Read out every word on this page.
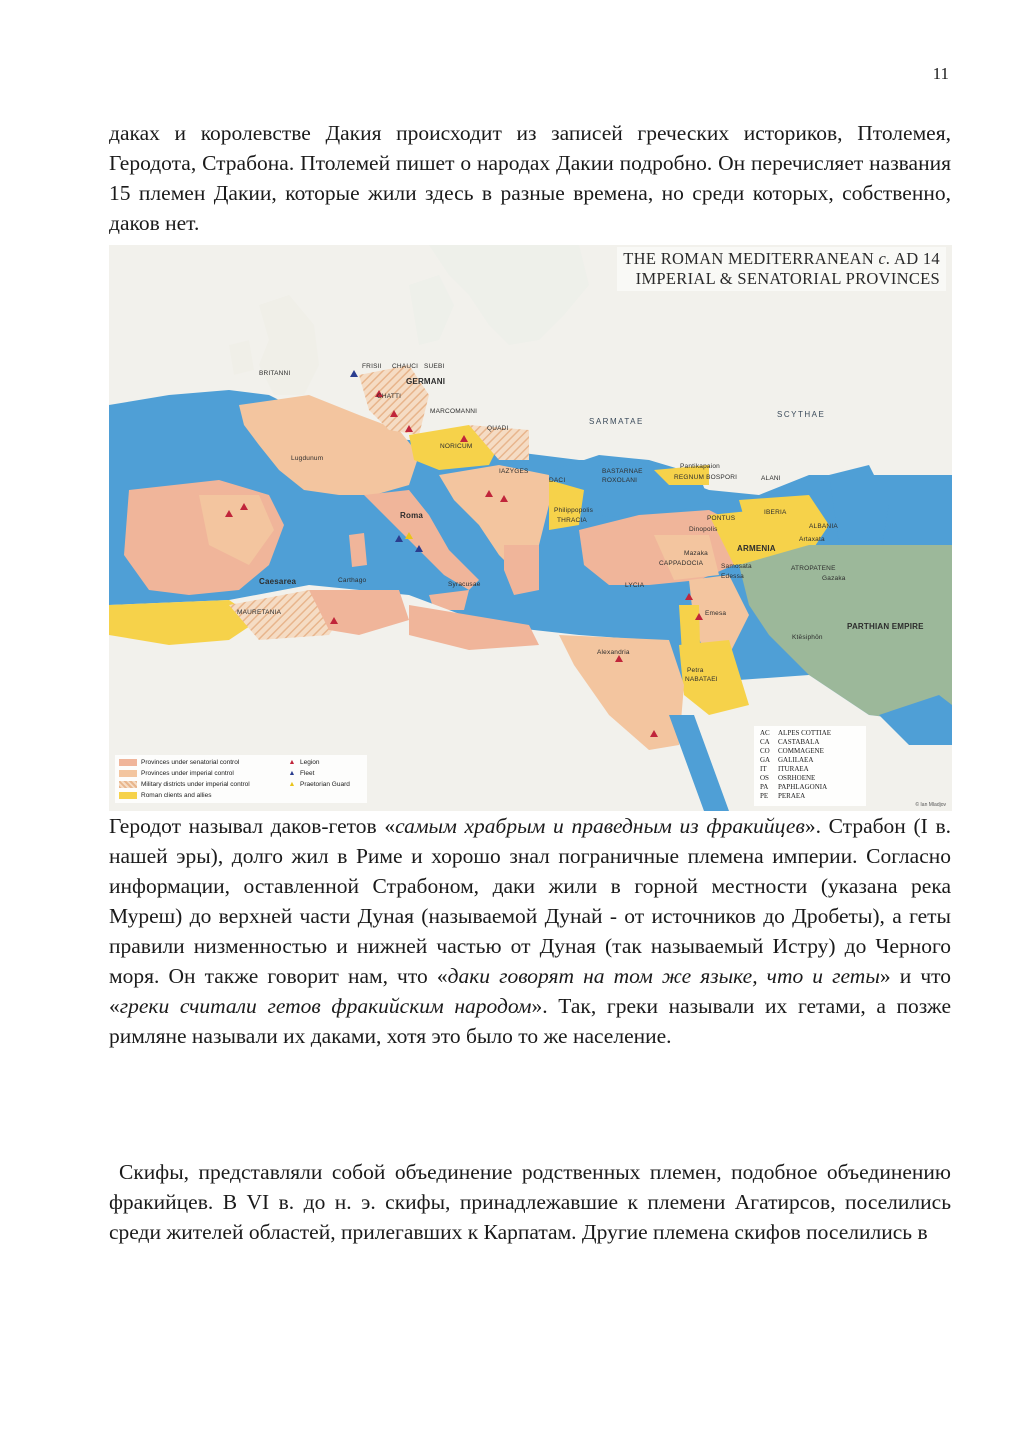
11

даках и королевстве Дакия происходит из записей греческих историков, Птолемея, Геродота, Страбона. Птолемей пишет о народах Дакии подробно. Он перечисляет названия 15 племен Дакии, которые жили здесь в разные времена, но среди которых, собственно, даков нет.

THE ROMAN MEDITERRANEAN c. AD 14
IMPERIAL & SENATORIAL PROVINCES
BRITANNI
FRISII CHAUCI SUEBI
GERMANI
CHATTI
MARCOMANNI
QUADI
NORICUM
SARMATAE
SCYTHAE
IAZYGES
DACI
BASTARNAE
ROXOLANI
Pantikapaion
REGNUM BOSPORI	ALANI
Philippopolis
THRACIA	PONTUS
IBERIA
ALBANIA
Dinopolis
Artaxata
ARMENIA
Mazaka
CAPPADOCIA	Samosata	ATROPATENE
Edessa
LYCIA
Gazaka
Emesa
PARTHIAN EMPIRE
Ktēsiphōn
Petra
NABATAEI
Alexandria
Lugdunum
Roma
Carthago
Caesarea
MAURETANIA
Syracusae
Provinces under senatorial control
Provinces under imperial control
Military districts under imperial control
Roman clients and allies
▲ Legion
▲ Fleet
▲ Praetorian Guard
AC	ALPES COTTIAE
CA	CASTABALA
CO	COMMAGENE
GA	GALILAEA
IT	ITURAEA
OS	OSRHOENE
PA	PAPHLAGONIA
PE	PERAEA
© Ian Mladjov

Геродот называл даков-гетов «самым храбрым и праведным из фракийцев». Страбон (I в. нашей эры), долго жил в Риме и хорошо знал пограничные племена империи. Согласно информации, оставленной Страбоном, даки жили в горной местности (указана река Муреш) до верхней части Дуная (называемой Дунай - от источников до Дробеты), а геты правили низменностью и нижней частью от Дуная (так называемый Истру) до Черного моря. Он также говорит нам, что «даки говорят на том же языке, что и геты» и что «греки считали гетов фракийским народом». Так, греки называли их гетами, а позже римляне называли их даками, хотя это было то же население.

Скифы, представляли собой объединение родственных племен, подобное объединению фракийцев. В VI в. до н. э. скифы, принадлежавшие к племени Агатирсов, поселились среди жителей областей, прилегавших к Карпатам. Другие племена скифов поселились в
